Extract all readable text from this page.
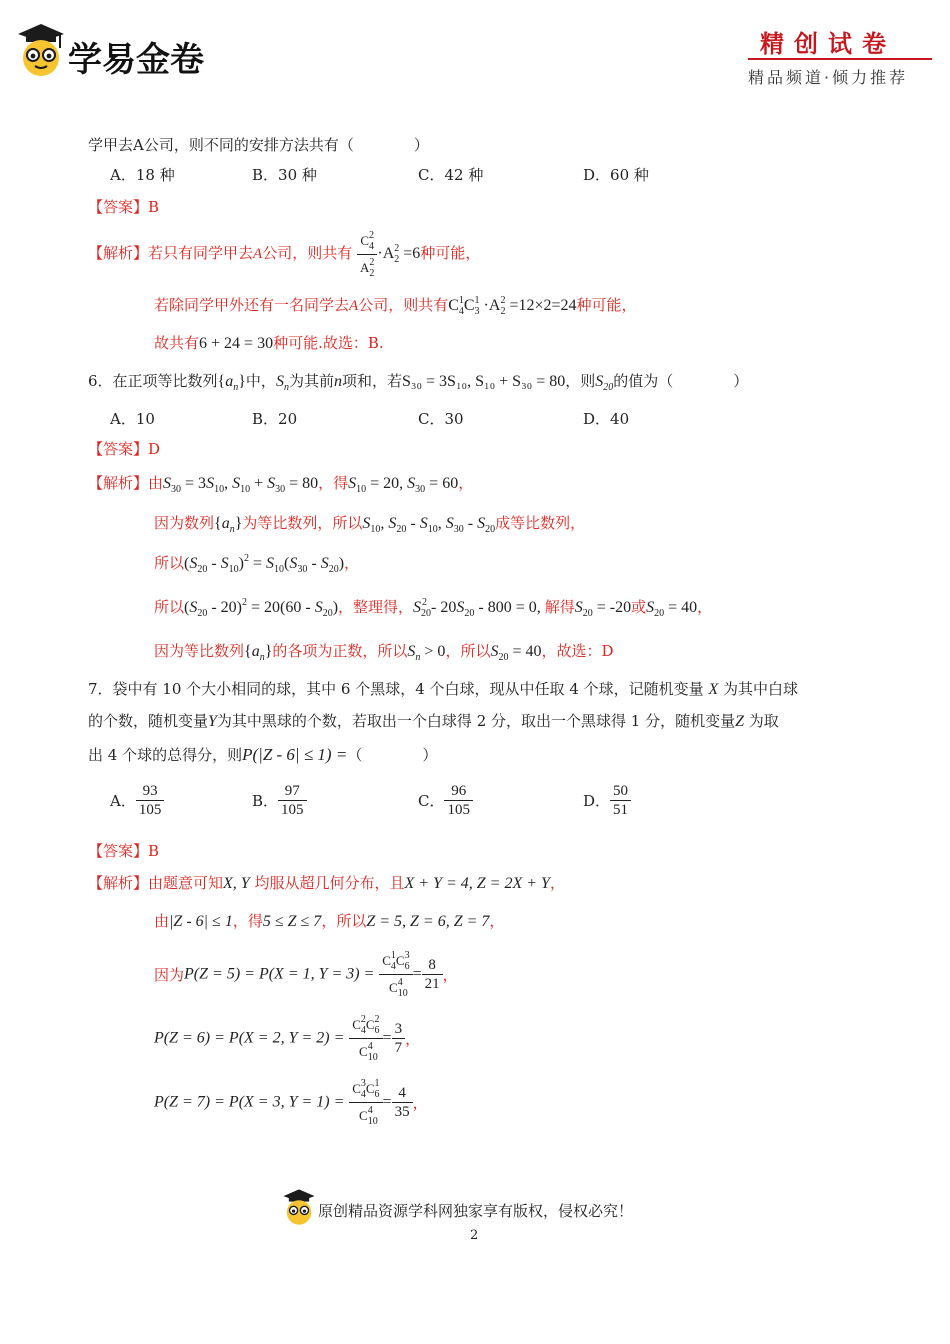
学易金卷	精创试卷
精品频道·倾力推荐
学甲去A公司，则不同的安排方法共有（　　　　）
A．18 种	B．30 种	C．42 种	D．60 种
【答案】B
【解析】若只有同学甲去A公司，则共有 $\frac{C_4^2}{A_2^2} \cdot A_2^2 =6$种可能，
若除同学甲外还有一名同学去A公司，则共有$C_4^1C_3^1 \cdot A_2^2 =12\times 2=24$种可能，
故共有6 + 24 = 30种可能.故选：B.
6．在正项等比数列$\{a_n\}$中，$S_n$为其前n项和，若S₃₀ = 3S₁₀, S₁₀ + S₃₀ = 80，则$S_{20}$的值为（　　　　）
A．10	B．20	C．30	D．40
【答案】D
【解析】由$S_{30} = 3S_{10}$, $S_{10} + S_{30} = 80$，得$S_{10} = 20$, $S_{30} = 60$，
因为数列$\{a_n\}$为等比数列，所以$S_{10}$, $S_{20} - S_{10}$, $S_{30} - S_{20}$成等比数列，
所以$(S_{20} - S_{10})^2 = S_{10}(S_{30} - S_{20})$，
所以$(S_{20} - 20)^2 = 20(60 - S_{20})$，整理得，$S_{20}^2 - 20S_{20} - 800 = 0$, 解得$S_{20} = -20$或$S_{20} = 40$，
因为等比数列$\{a_n\}$的各项为正数，所以$S_n > 0$，所以$S_{20} = 40$，故选：D
7．袋中有 10 个大小相同的球，其中 6 个黑球，4 个白球，现从中任取 4 个球，记随机变量 X 为其中白球
的个数，随机变量Y为其中黑球的个数，若取出一个白球得 2 分，取出一个黑球得 1 分，随机变量Z 为取
出 4 个球的总得分，则P(|Z - 6| ≤ 1) =（　　　　）
A． $\frac{93}{105}$	B． $\frac{97}{105}$	C． $\frac{96}{105}$	D． $\frac{50}{51}$
【答案】B
【解析】由题意可知X, Y 均服从超几何分布，且X + Y = 4, Z = 2X + Y，
由|Z - 6| ≤ 1，得5 ≤ Z ≤ 7，所以Z = 5, Z = 6, Z = 7，
因为P(Z = 5) = P(X = 1, $Y = 3) = \frac{C_4^1C_6^3}{C_{10}^4} = \frac{8}{21}$ ，
P(Z = 6) = P(X = 2, $Y = 2) = \frac{C_4^2C_6^2}{C_{10}^4} = \frac{3}{7}$ ，
P(Z = 7) = P(X = 3, $Y = 1) = \frac{C_4^3C_6^1}{C_{10}^4} = \frac{4}{35}$ ，
原创精品资源学科网独家享有版权，侵权必究！
2
